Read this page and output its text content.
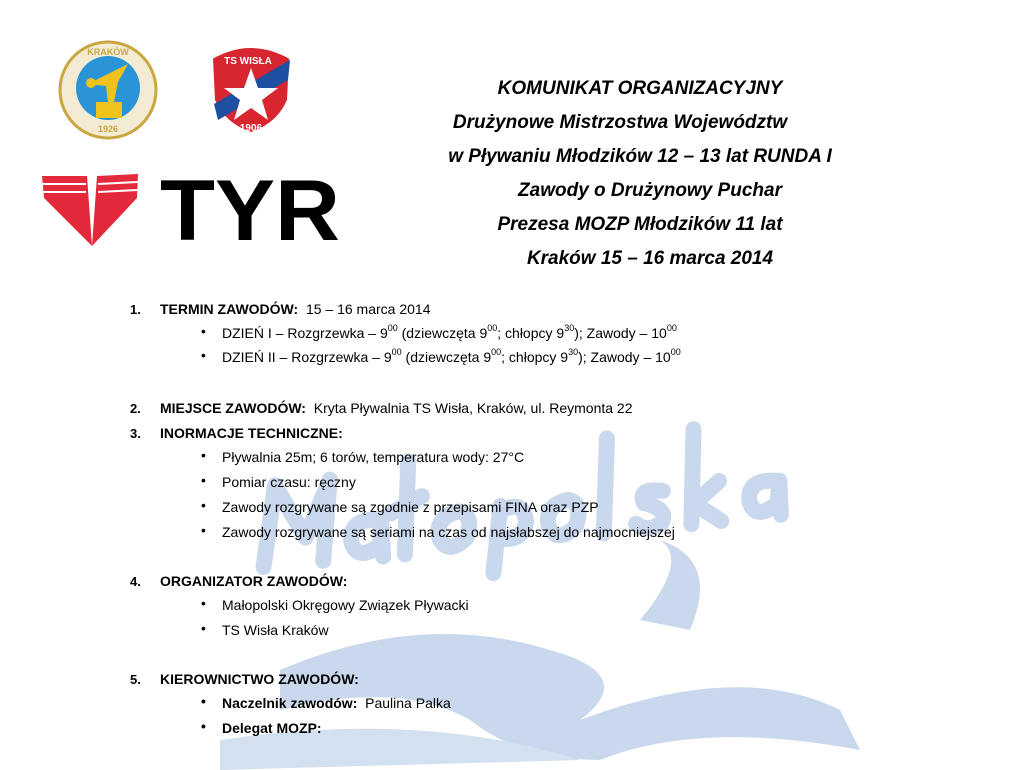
KRAKÓW
1926
TS WISŁA
1906
TYR
KOMUNIKAT ORGANIZACYJNY
Drużynowe Mistrzostwa Województw
w Pływaniu Młodzików 12 – 13 lat RUNDA I
Zawody o Drużynowy Puchar
Prezesa MOZP Młodzików 11 lat
Kraków 15 – 16 marca 2014
1. TERMIN ZAWODÓW: 15 – 16 marca 2014
• DZIEŃ I – Rozgrzewka – $9^{00}$ (dziewczęta $9^{00}$; chłopcy $9^{30}$); Zawody – $10^{00}$
• DZIEŃ II – Rozgrzewka – $9^{00}$ (dziewczęta $9^{00}$; chłopcy $9^{30}$); Zawody – $10^{00}$
2. MIEJSCE ZAWODÓW: Kryta Pływalnia TS Wisła, Kraków, ul. Reymonta 22
3. INORMACJE TECHNICZNE:
• Pływalnia 25m; 6 torów, temperatura wody: 27°C
• Pomiar czasu: ręczny
• Zawody rozgrywane są zgodnie z przepisami FINA oraz PZP
• Zawody rozgrywane są seriami na czas od najsłabszej do najmocniejszej
4. ORGANIZATOR ZAWODÓW:
• Małopolski Okręgowy Związek Pływacki
• TS Wisła Kraków
5. KIEROWNICTWO ZAWODÓW:
• Naczelnik zawodów: Paulina Palka
• Delegat MOZP:
